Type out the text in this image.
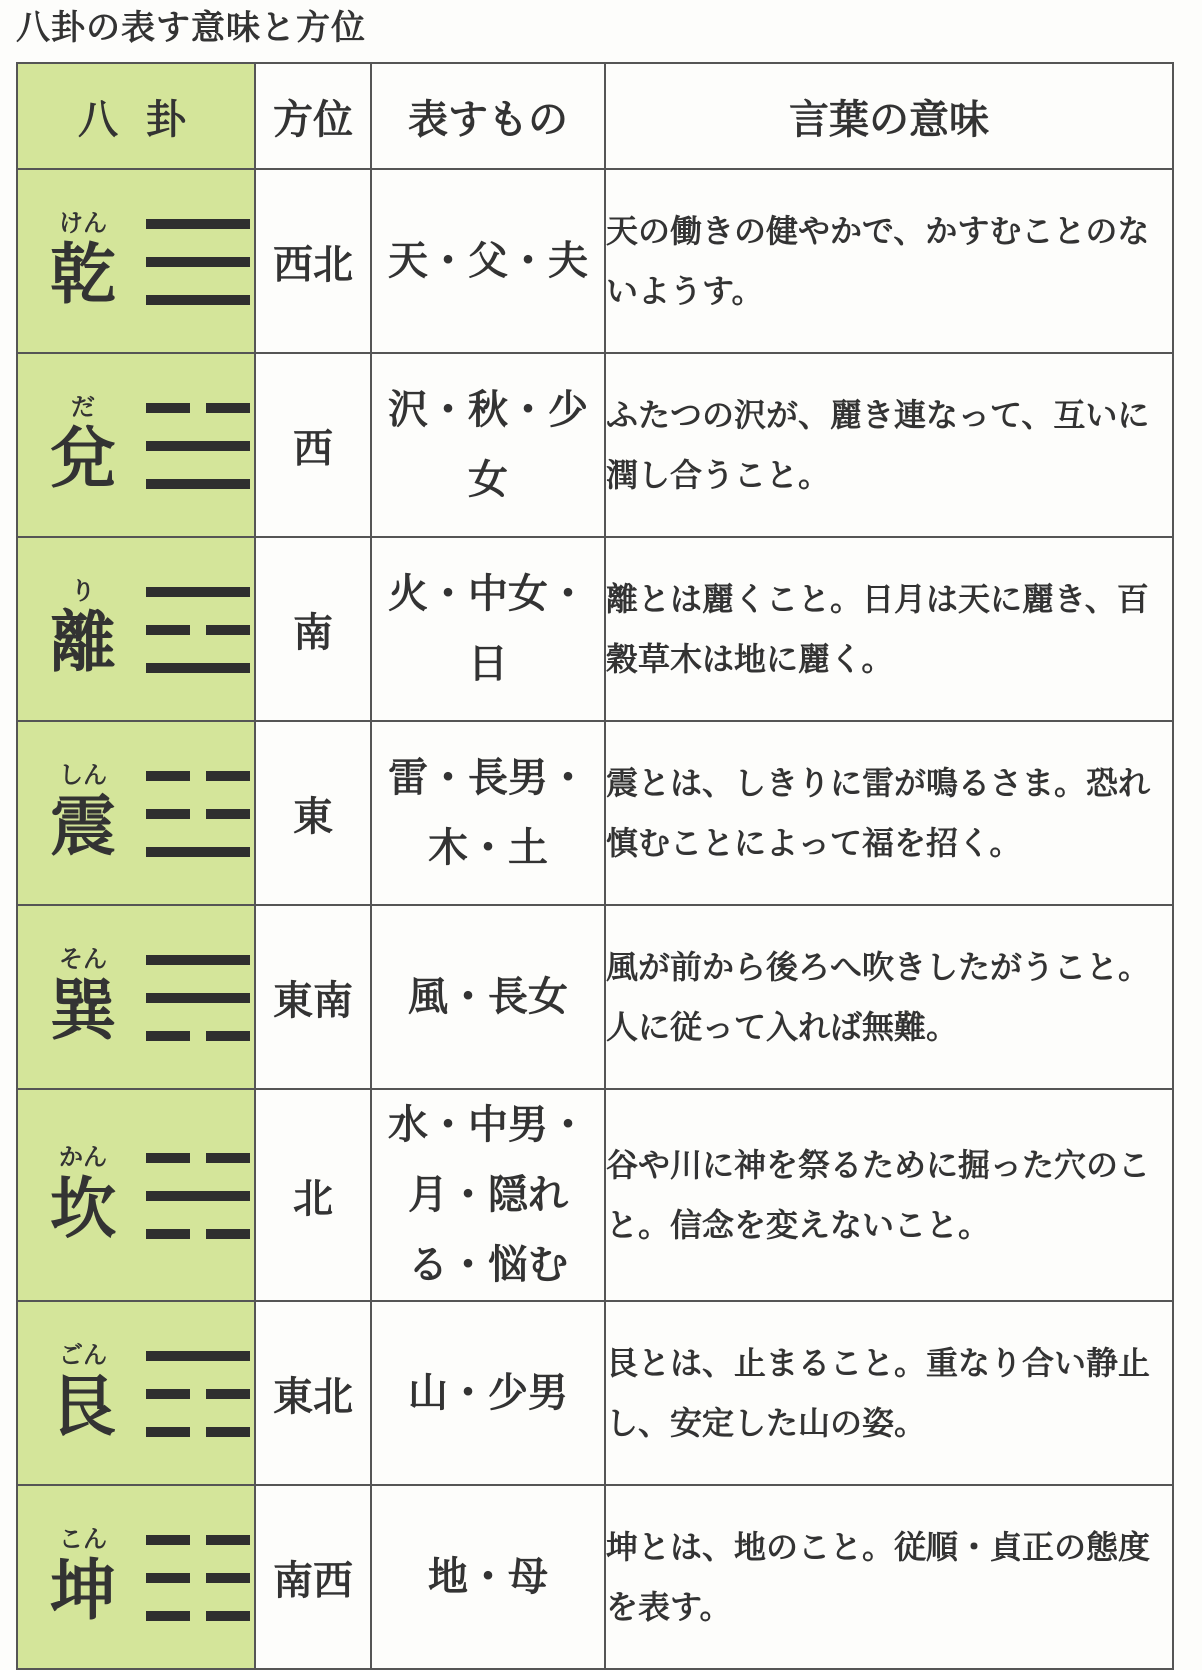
八卦の表す意味と方位
八卦	方位	表すもの	言葉の意味

けん
乾	西北	天・父・夫	天の働きの健やかで、かすむことのないようす。

だ
兌	西	沢・秋・少女	ふたつの沢が、麗き連なって、互いに潤し合うこと。

り
離	南	火・中女・日	離とは麗くこと。日月は天に麗き、百穀草木は地に麗く。

しん
震	東	雷・長男・木・土	震とは、しきりに雷が鳴るさま。恐れ慎むことによって福を招く。

そん
巽	東南	風・長女	風が前から後ろへ吹きしたがうこと。人に従って入れば無難。

かん
坎	北	水・中男・月・隠れる・悩む	谷や川に神を祭るために掘った穴のこと。信念を変えないこと。

ごん
艮	東北	山・少男	艮とは、止まること。重なり合い静止し、安定した山の姿。

こん
坤	南西	地・母	坤とは、地のこと。従順・貞正の態度を表す。
